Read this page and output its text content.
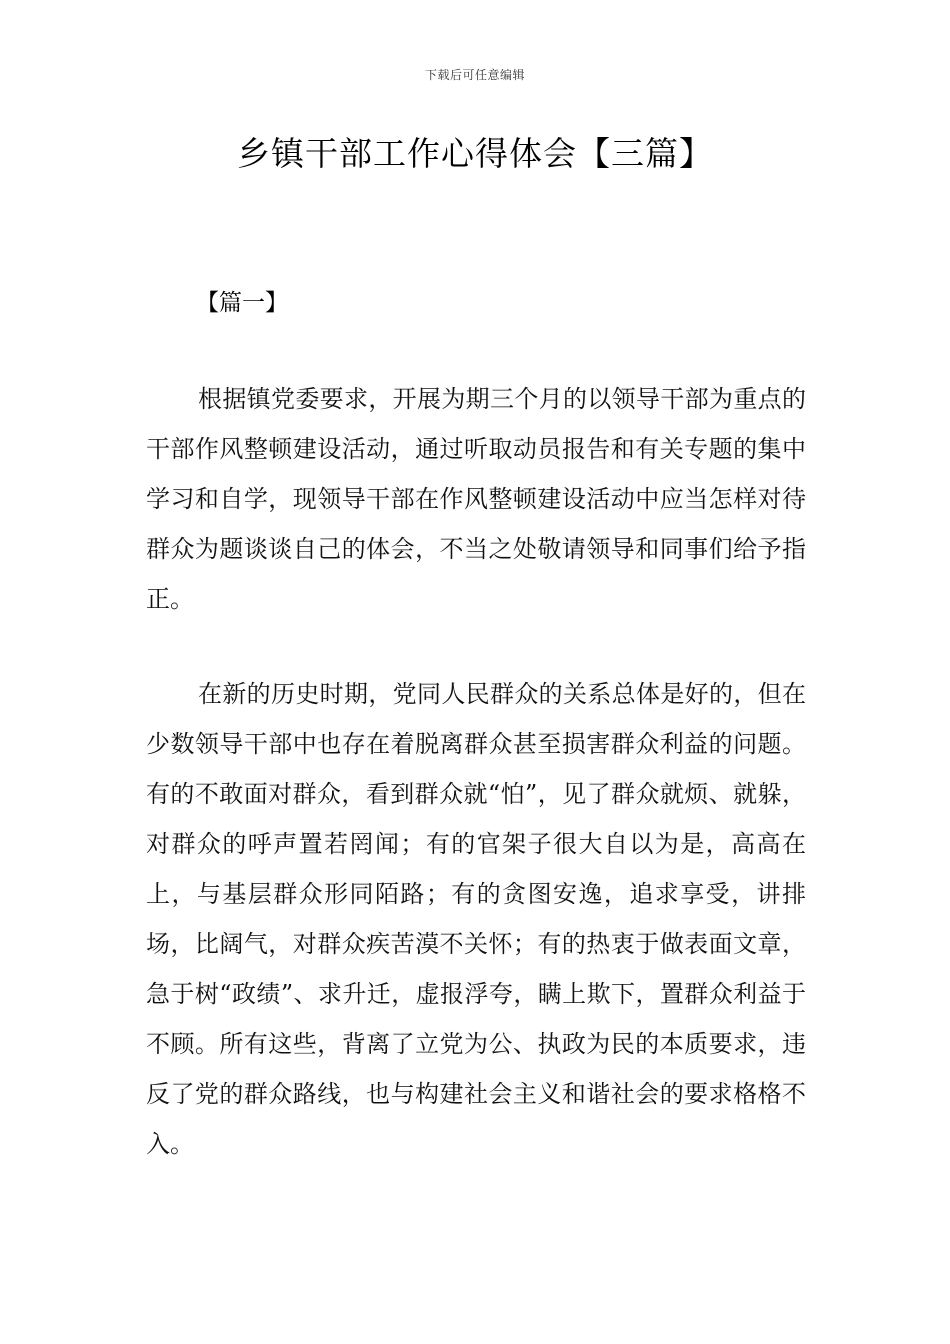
下载后可任意编辑
乡镇干部工作心得体会【三篇】
【篇一】

根据镇党委要求，开展为期三个月的以领导干部为重点的干部作风整顿建设活动，通过听取动员报告和有关专题的集中学习和自学，现领导干部在作风整顿建设活动中应当怎样对待群众为题谈谈自己的体会，不当之处敬请领导和同事们给予指正。

在新的历史时期，党同人民群众的关系总体是好的，但在少数领导干部中也存在着脱离群众甚至损害群众利益的问题。有的不敢面对群众，看到群众就“怕”，见了群众就烦、就躲，对群众的呼声置若罔闻；有的官架子很大自以为是，高高在上，与基层群众形同陌路；有的贪图安逸，追求享受，讲排场，比阔气，对群众疾苦漠不关怀；有的热衷于做表面文章，急于树“政绩”、求升迁，虚报浮夸，瞒上欺下，置群众利益于不顾。所有这些，背离了立党为公、执政为民的本质要求，违反了党的群众路线，也与构建社会主义和谐社会的要求格格不入。
